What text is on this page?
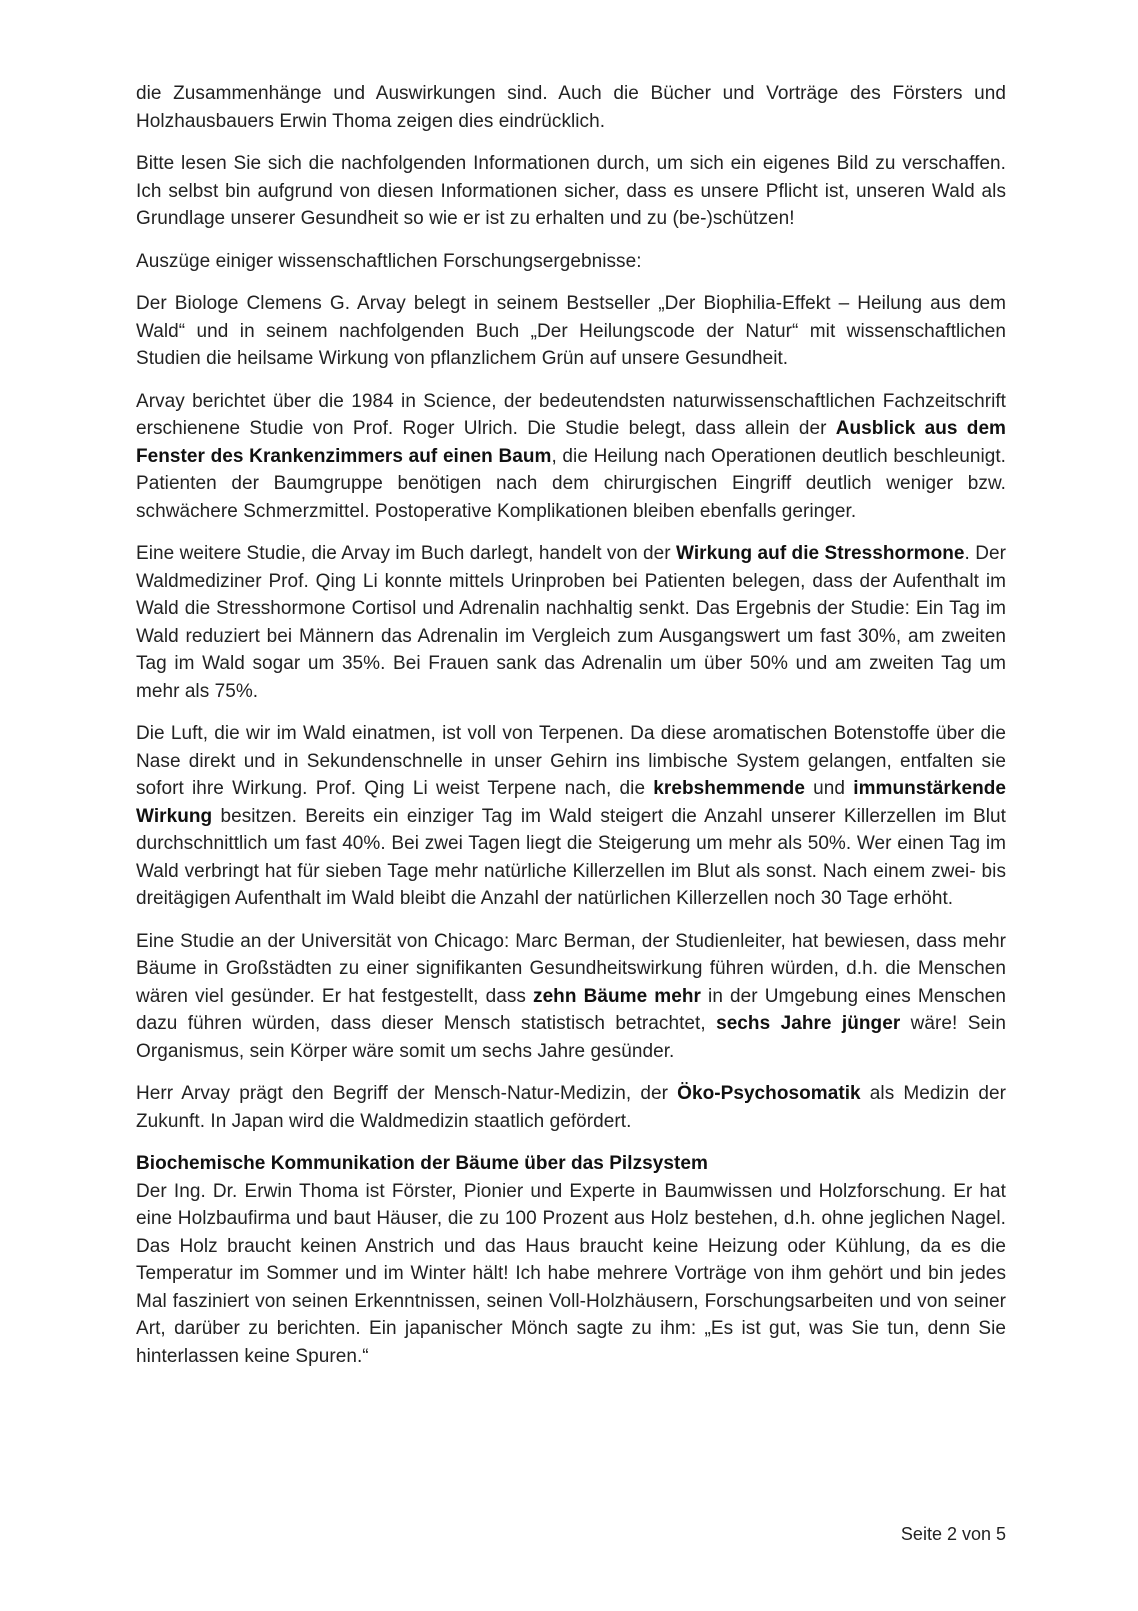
die Zusammenhänge und Auswirkungen sind. Auch die Bücher und Vorträge des Försters und Holzhausbauers Erwin Thoma zeigen dies eindrücklich.

Bitte lesen Sie sich die nachfolgenden Informationen durch, um sich ein eigenes Bild zu verschaffen. Ich selbst bin aufgrund von diesen Informationen sicher, dass es unsere Pflicht ist, unseren Wald als Grundlage unserer Gesundheit so wie er ist zu erhalten und zu (be-)schützen!

Auszüge einiger wissenschaftlichen Forschungsergebnisse:

Der Biologe Clemens G. Arvay belegt in seinem Bestseller „Der Biophilia-Effekt – Heilung aus dem Wald“ und in seinem nachfolgenden Buch „Der Heilungscode der Natur“ mit wissenschaftlichen Studien die heilsame Wirkung von pflanzlichem Grün auf unsere Gesundheit.

Arvay berichtet über die 1984 in Science, der bedeutendsten naturwissenschaftlichen Fachzeitschrift erschienene Studie von Prof. Roger Ulrich. Die Studie belegt, dass allein der Ausblick aus dem Fenster des Krankenzimmers auf einen Baum, die Heilung nach Operationen deutlich beschleunigt. Patienten der Baumgruppe benötigen nach dem chirurgischen Eingriff deutlich weniger bzw. schwächere Schmerzmittel. Postoperative Komplikationen bleiben ebenfalls geringer.

Eine weitere Studie, die Arvay im Buch darlegt, handelt von der Wirkung auf die Stresshormone. Der Waldmediziner Prof. Qing Li konnte mittels Urinproben bei Patienten belegen, dass der Aufenthalt im Wald die Stresshormone Cortisol und Adrenalin nachhaltig senkt. Das Ergebnis der Studie: Ein Tag im Wald reduziert bei Männern das Adrenalin im Vergleich zum Ausgangswert um fast 30%, am zweiten Tag im Wald sogar um 35%. Bei Frauen sank das Adrenalin um über 50% und am zweiten Tag um mehr als 75%.

Die Luft, die wir im Wald einatmen, ist voll von Terpenen. Da diese aromatischen Botenstoffe über die Nase direkt und in Sekundenschnelle in unser Gehirn ins limbische System gelangen, entfalten sie sofort ihre Wirkung. Prof. Qing Li weist Terpene nach, die krebshemmende und immunstärkende Wirkung besitzen. Bereits ein einziger Tag im Wald steigert die Anzahl unserer Killerzellen im Blut durchschnittlich um fast 40%. Bei zwei Tagen liegt die Steigerung um mehr als 50%. Wer einen Tag im Wald verbringt hat für sieben Tage mehr natürliche Killerzellen im Blut als sonst. Nach einem zwei- bis dreitägigen Aufenthalt im Wald bleibt die Anzahl der natürlichen Killerzellen noch 30 Tage erhöht.

Eine Studie an der Universität von Chicago: Marc Berman, der Studienleiter, hat bewiesen, dass mehr Bäume in Großstädten zu einer signifikanten Gesundheitswirkung führen würden, d.h. die Menschen wären viel gesünder. Er hat festgestellt, dass zehn Bäume mehr in der Umgebung eines Menschen dazu führen würden, dass dieser Mensch statistisch betrachtet, sechs Jahre jünger wäre! Sein Organismus, sein Körper wäre somit um sechs Jahre gesünder.

Herr Arvay prägt den Begriff der Mensch-Natur-Medizin, der Öko-Psychosomatik als Medizin der Zukunft. In Japan wird die Waldmedizin staatlich gefördert.

Biochemische Kommunikation der Bäume über das Pilzsystem

Der Ing. Dr. Erwin Thoma ist Förster, Pionier und Experte in Baumwissen und Holzforschung. Er hat eine Holzbaufirma und baut Häuser, die zu 100 Prozent aus Holz bestehen, d.h. ohne jeglichen Nagel. Das Holz braucht keinen Anstrich und das Haus braucht keine Heizung oder Kühlung, da es die Temperatur im Sommer und im Winter hält! Ich habe mehrere Vorträge von ihm gehört und bin jedes Mal fasziniert von seinen Erkenntnissen, seinen Voll-Holzhäusern, Forschungsarbeiten und von seiner Art, darüber zu berichten. Ein japanischer Mönch sagte zu ihm: „Es ist gut, was Sie tun, denn Sie hinterlassen keine Spuren.“

Seite 2 von 5
